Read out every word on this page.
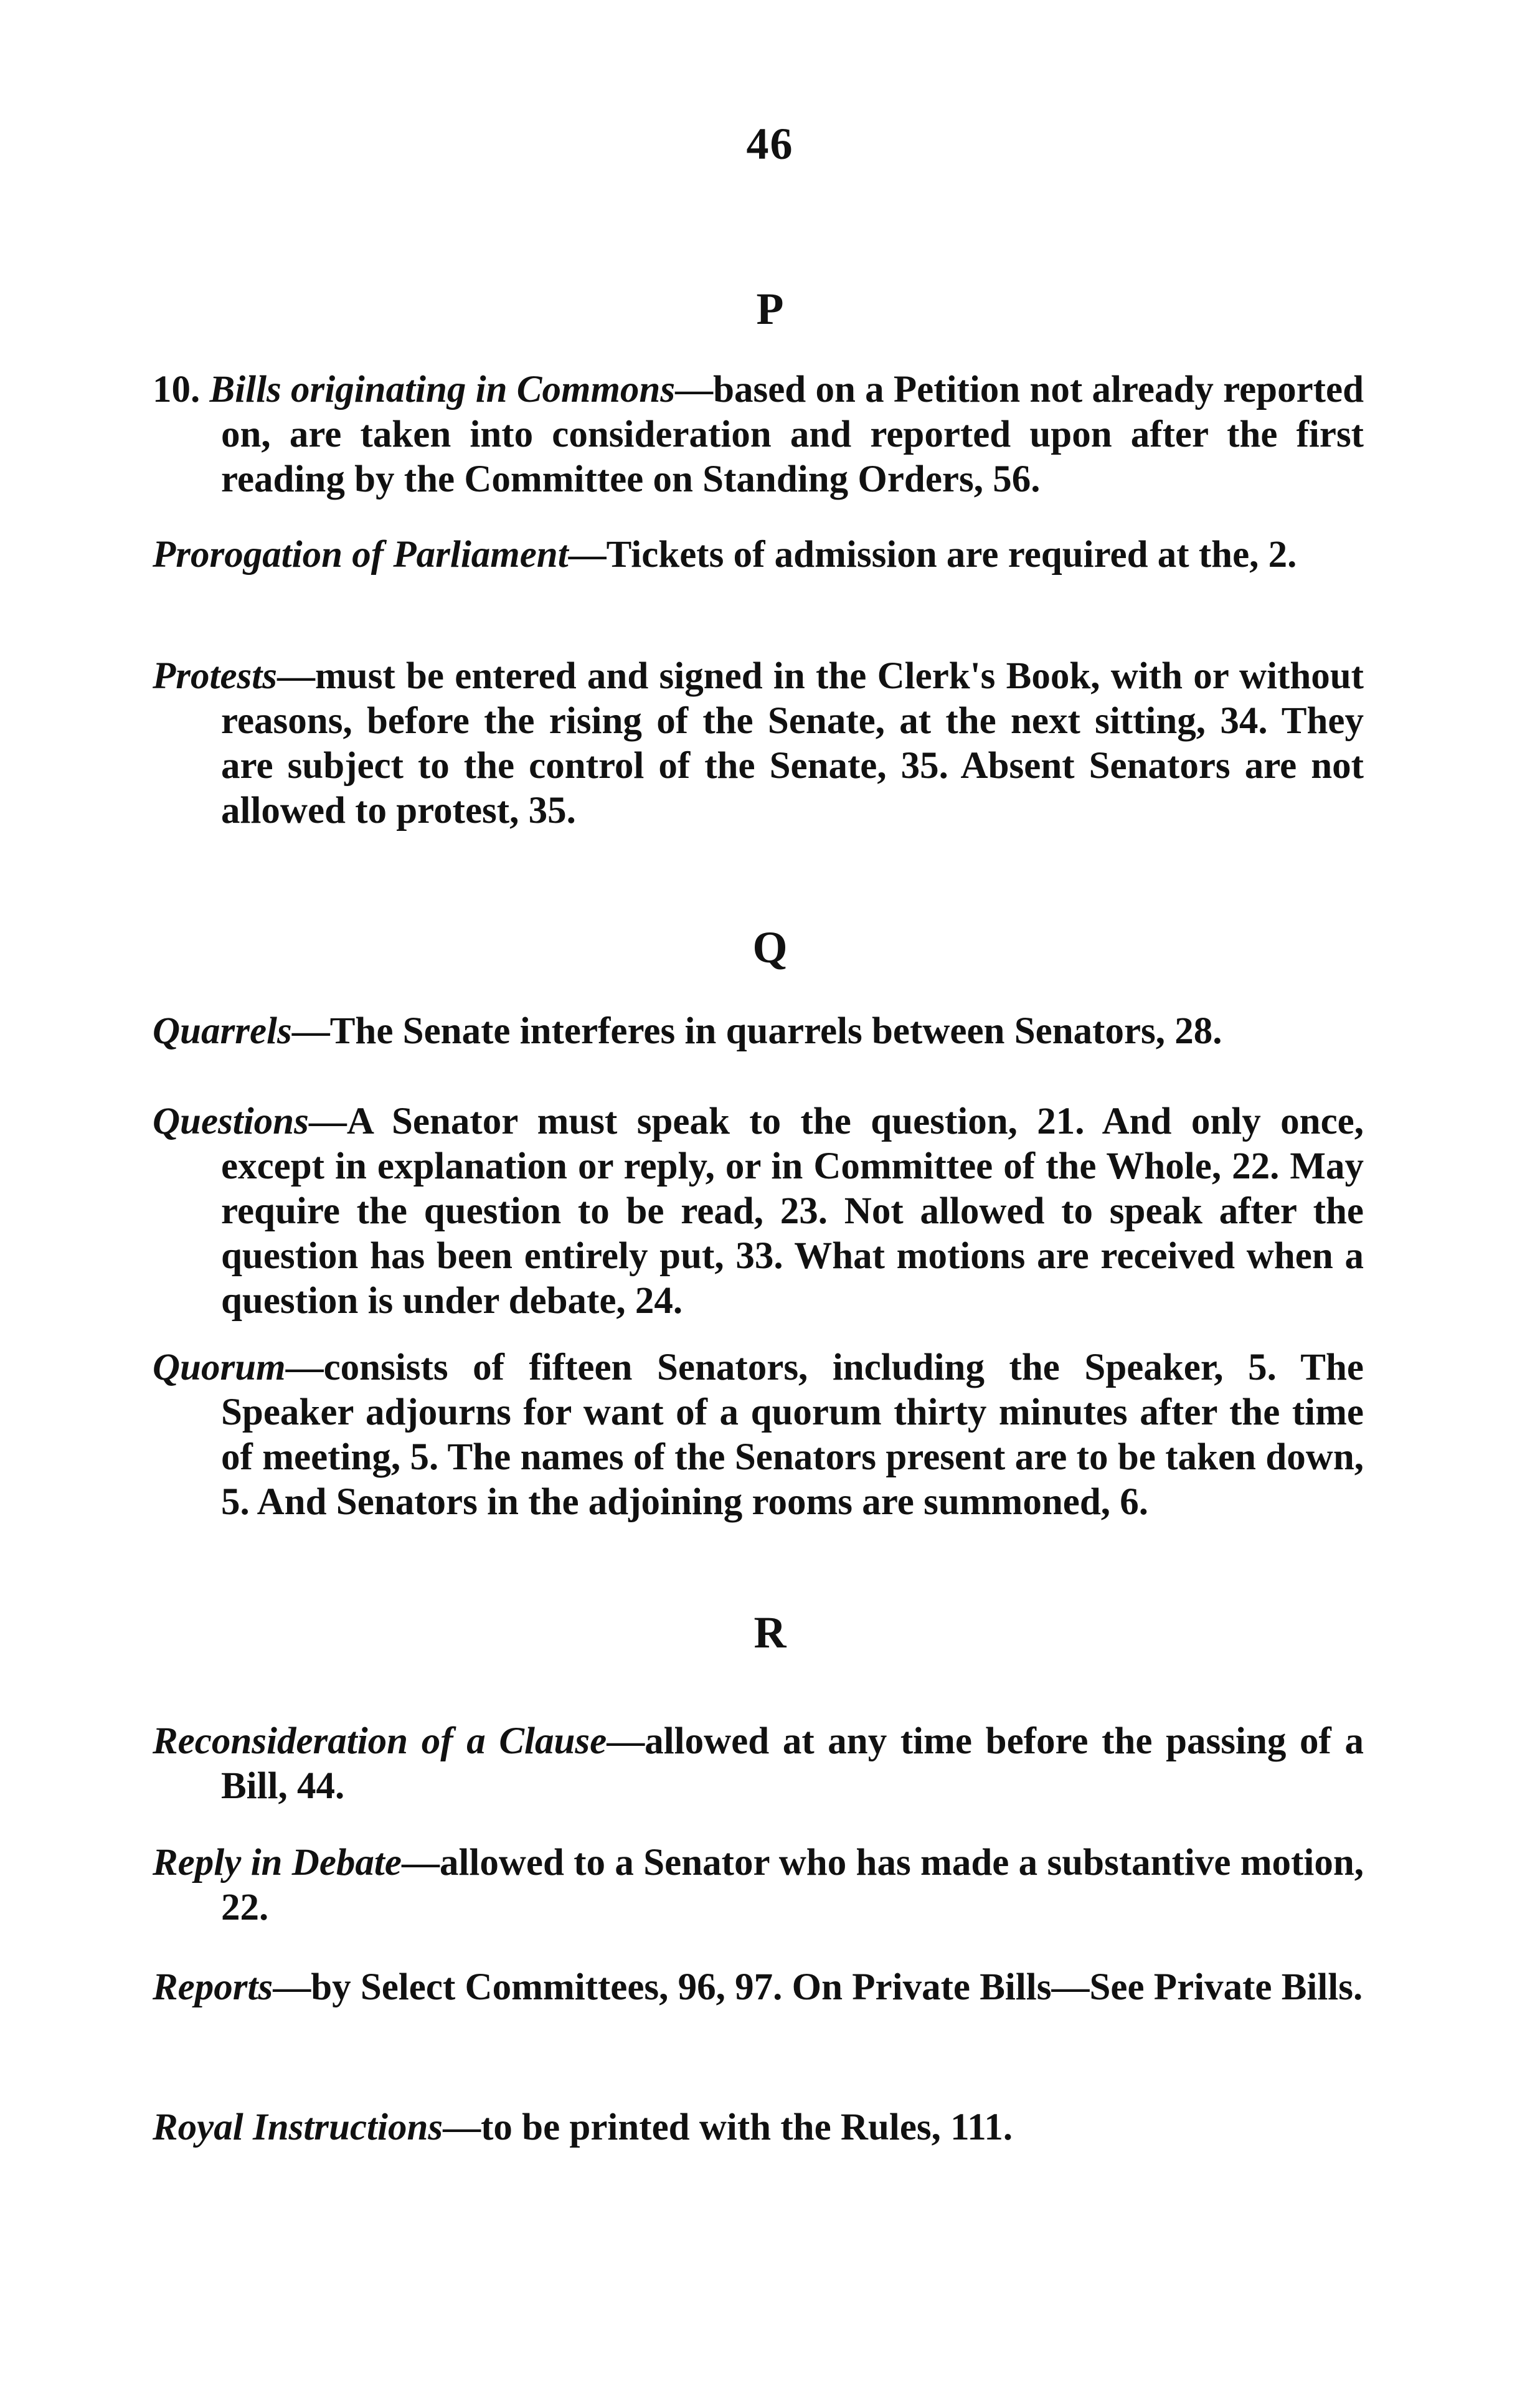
46
P
10. Bills originating in Commons—based on a Petition not already reported on, are taken into consideration and reported upon after the first reading by the Committee on Standing Orders, 56.
Prorogation of Parliament—Tickets of admission are required at the, 2.
Protests—must be entered and signed in the Clerk's Book, with or without reasons, before the rising of the Senate, at the next sitting, 34. They are subject to the control of the Senate, 35. Absent Senators are not allowed to protest, 35.
Q
Quarrels—The Senate interferes in quarrels between Senators, 28.
Questions—A Senator must speak to the question, 21. And only once, except in explanation or reply, or in Committee of the Whole, 22. May require the question to be read, 23. Not allowed to speak after the question has been entirely put, 33. What motions are received when a question is under debate, 24.
Quorum—consists of fifteen Senators, including the Speaker, 5. The Speaker adjourns for want of a quorum thirty minutes after the time of meeting, 5. The names of the Senators present are to be taken down, 5. And Senators in the adjoining rooms are summoned, 6.
R
Reconsideration of a Clause—allowed at any time before the passing of a Bill, 44.
Reply in Debate—allowed to a Senator who has made a substantive motion, 22.
Reports—by Select Committees, 96, 97. On Private Bills—See Private Bills.
Royal Instructions—to be printed with the Rules, 111.
